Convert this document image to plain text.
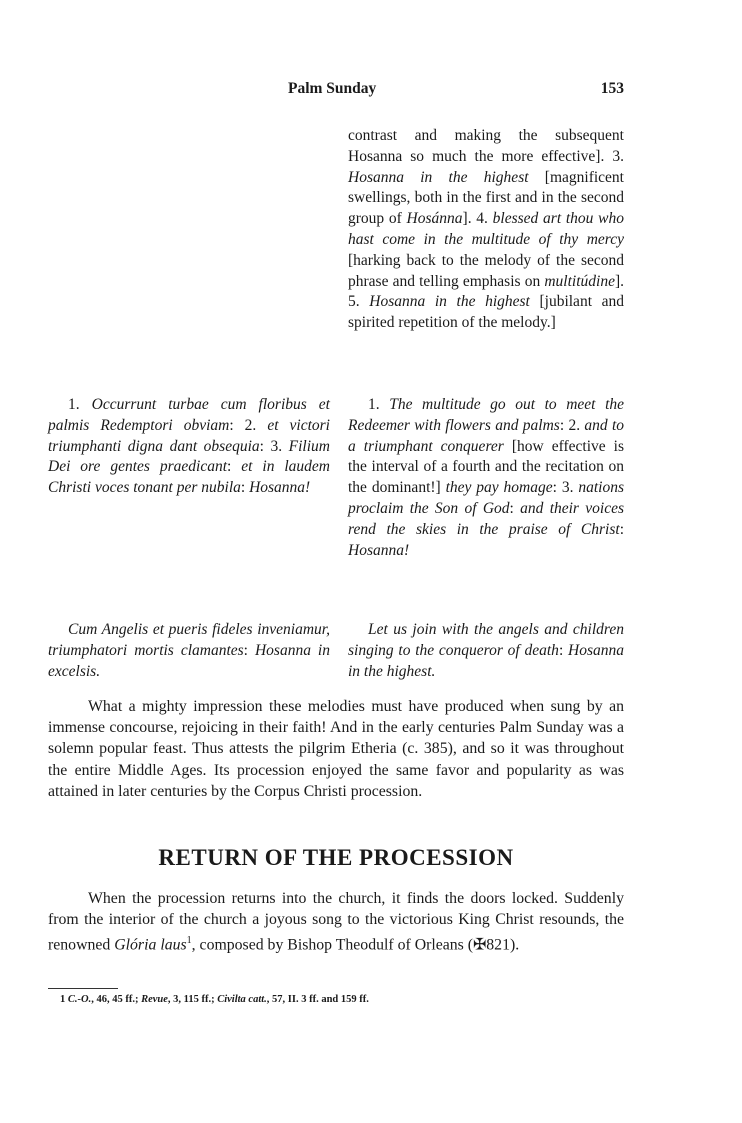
Palm Sunday	153

contrast and making the subsequent Hosanna so much the more effective]. 3. Hosanna in the highest [magnificent swellings, both in the first and in the second group of Hosánna]. 4. blessed art thou who hast come in the multitude of thy mercy [harking back to the melody of the second phrase and telling emphasis on multitúdine]. 5. Hosanna in the highest [jubilant and spirited repetition of the melody.]

1. Occurrunt turbae cum floribus et palmis Redemptori obviam: 2. et victori triumphanti digna dant obsequia: 3. Filium Dei ore gentes praedicant: et in laudem Christi voces tonant per nubila: Hosanna!

1. The multitude go out to meet the Redeemer with flowers and palms: 2. and to a triumphant conquerer [how effective is the interval of a fourth and the recitation on the dominant!] they pay homage: 3. nations proclaim the Son of God: and their voices rend the skies in the praise of Christ: Hosanna!

Cum Angelis et pueris fideles inveniamur, triumphatori mortis clamantes: Hosanna in excelsis.

Let us join with the angels and children singing to the conqueror of death: Hosanna in the highest.

What a mighty impression these melodies must have produced when sung by an immense concourse, rejoicing in their faith! And in the early centuries Palm Sunday was a solemn popular feast. Thus attests the pilgrim Etheria (c. 385), and so it was throughout the entire Middle Ages. Its procession enjoyed the same favor and popularity as was attained in later centuries by the Corpus Christi procession.

RETURN OF THE PROCESSION

When the procession returns into the church, it finds the doors locked. Suddenly from the interior of the church a joyous song to the victorious King Christ resounds, the renowned Glória laus$^1$, composed by Bishop Theodulf of Orleans (✠821).

1 C.-O., 46, 45 ff.; Revue, 3, 115 ff.; Civilta catt., 57, II. 3 ff. and 159 ff.
